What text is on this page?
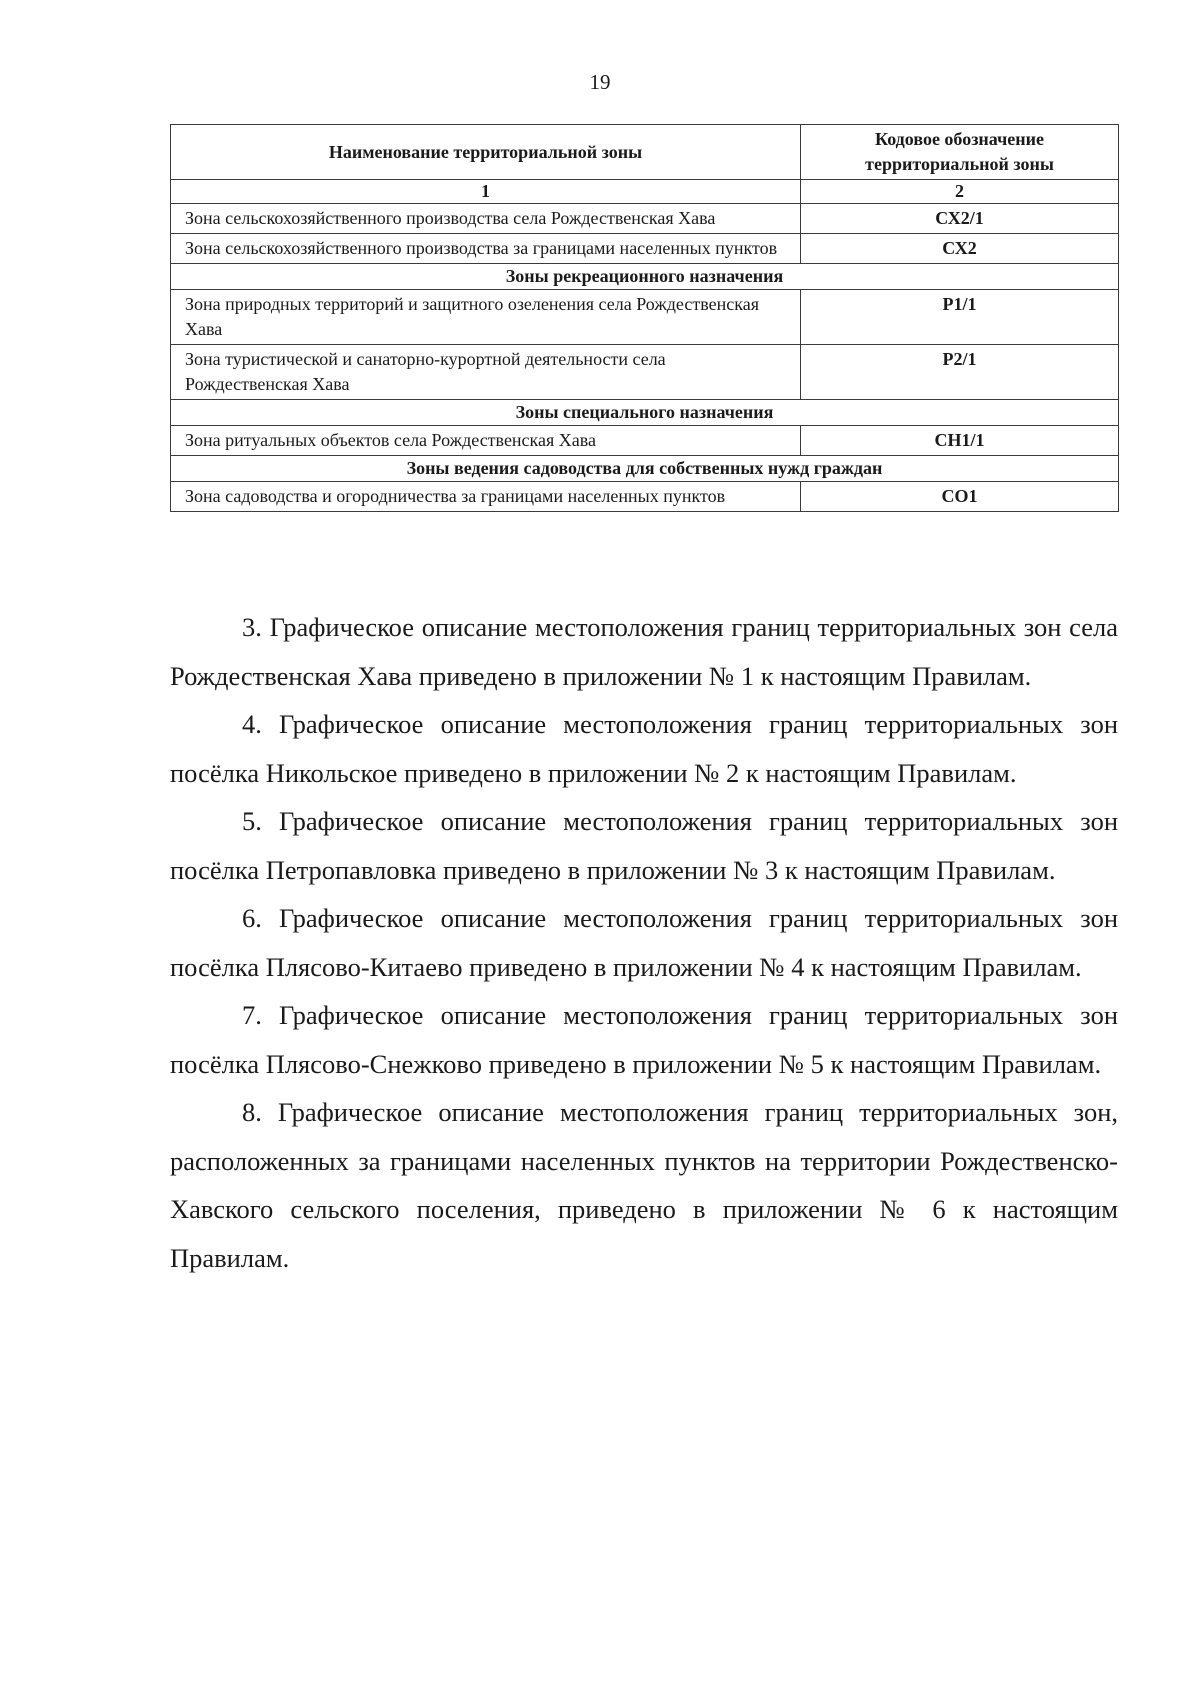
19
Наименование территориальной зоны	Кодовое обозначение территориальной зоны
1	2
Зона сельскохозяйственного производства села Рождественская Хава	СХ2/1
Зона сельскохозяйственного производства за границами населенных пунктов	СХ2
Зоны рекреационного назначения	
Зона природных территорий и защитного озеленения села Рождественская Хава	Р1/1
Зона туристической и санаторно-курортной деятельности села Рождественская Хава	Р2/1
Зоны специального назначения	
Зона ритуальных объектов села Рождественская Хава	СН1/1
Зоны ведения садоводства для собственных нужд граждан	
Зона садоводства и огородничества за границами населенных пунктов	СО1

3. Графическое описание местоположения границ территориальных зон села Рождественская Хава приведено в приложении № 1 к настоящим Правилам.

4. Графическое описание местоположения границ территориальных зон посёлка Никольское приведено в приложении № 2 к настоящим Правилам.

5. Графическое описание местоположения границ территориальных зон посёлка Петропавловка приведено в приложении № 3 к настоящим Правилам.

6. Графическое описание местоположения границ территориальных зон посёлка Плясово-Китаево приведено в приложении № 4 к настоящим Правилам.

7. Графическое описание местоположения границ территориальных зон посёлка Плясово-Снежково приведено в приложении № 5 к настоящим Правилам.

8. Графическое описание местоположения границ территориальных зон, расположенных за границами населенных пунктов на территории Рождественско-Хавского сельского поселения, приведено в приложении № 6 к настоящим Правилам.
